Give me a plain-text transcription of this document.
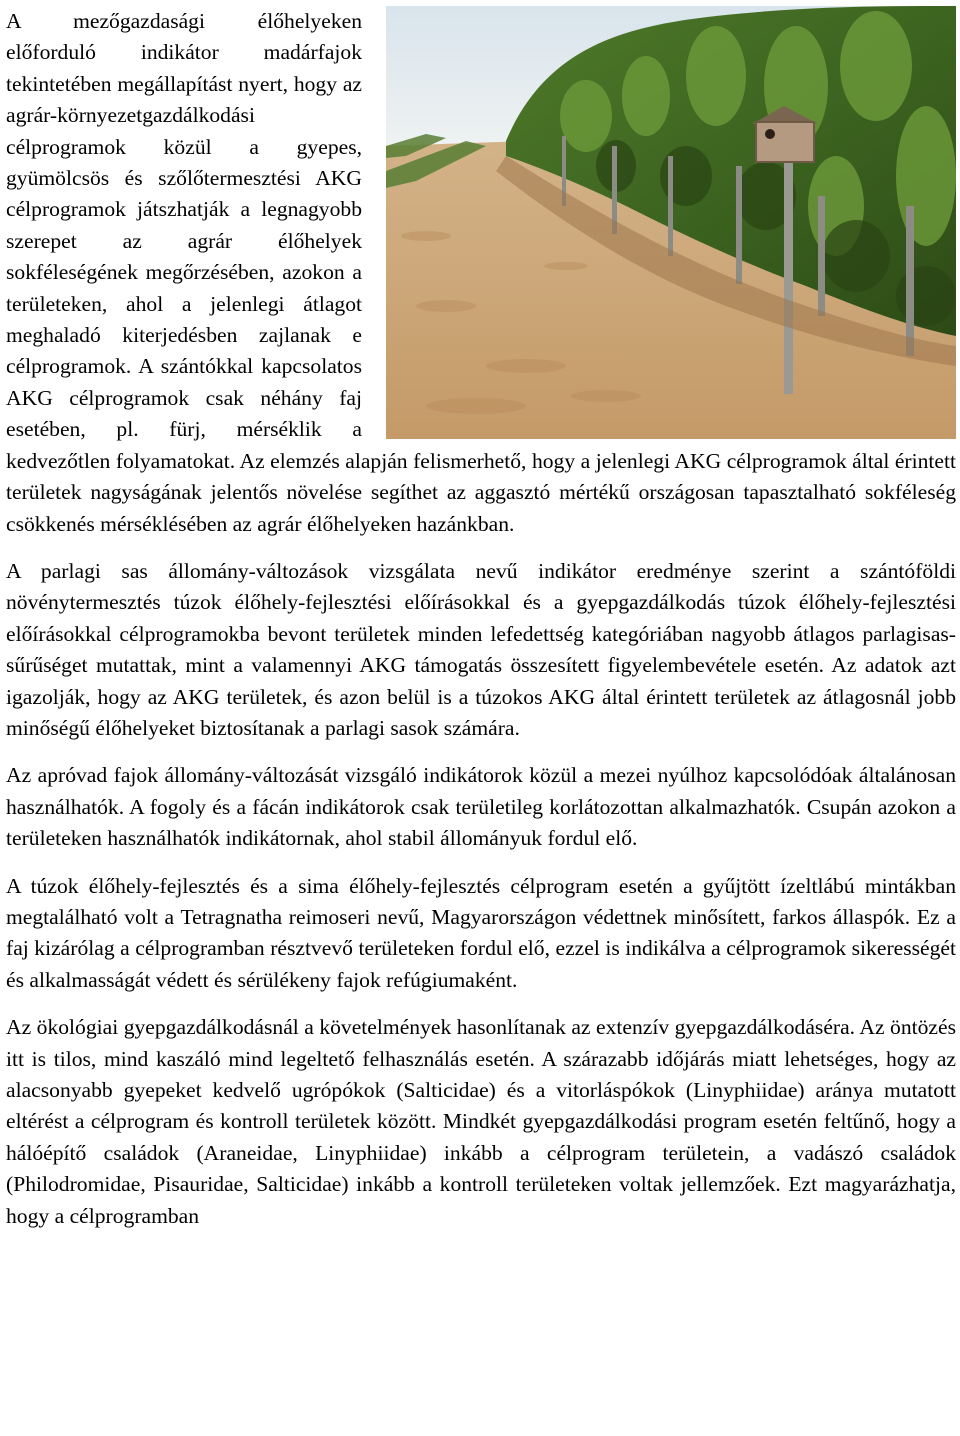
A mezőgazdasági élőhelyeken előforduló indikátor madárfajok tekintetében megállapítást nyert, hogy az agrár-környezetgazdálkodási célprogramok közül a gyepes, gyümölcsös és szőlőtermesztési AKG célprogramok játszhatják a legnagyobb szerepet az agrár élőhelyek sokféleségének megőrzésében, azokon a területeken, ahol a jelenlegi átlagot meghaladó kiterjedésben zajlanak e célprogramok. A szántókkal kapcsolatos AKG célprogramok csak néhány faj esetében, pl. fürj, mérséklik a kedvezőtlen folyamatokat. Az elemzés alapján felismerhető, hogy a jelenlegi AKG célprogramok által érintett területek nagyságának jelentős növelése segíthet az aggasztó mértékű országosan tapasztalható sokféleség csökkenés mérséklésében az agrár élőhelyeken hazánkban.

A parlagi sas állomány-változások vizsgálata nevű indikátor eredménye szerint a szántóföldi növénytermesztés túzok élőhely-fejlesztési előírásokkal és a gyepgazdálkodás túzok élőhely-fejlesztési előírásokkal célprogramokba bevont területek minden lefedettség kategóriában nagyobb átlagos parlagisas-sűrűséget mutattak, mint a valamennyi AKG támogatás összesített figyelembevétele esetén. Az adatok azt igazolják, hogy az AKG területek, és azon belül is a túzokos AKG által érintett területek az átlagosnál jobb minőségű élőhelyeket biztosítanak a parlagi sasok számára.

Az apróvad fajok állomány-változását vizsgáló indikátorok közül a mezei nyúlhoz kapcsolódóak általánosan használhatók. A fogoly és a fácán indikátorok csak területileg korlátozottan alkalmazhatók. Csupán azokon a területeken használhatók indikátornak, ahol stabil állományuk fordul elő.

A túzok élőhely-fejlesztés és a sima élőhely-fejlesztés célprogram esetén a gyűjtött ízeltlábú mintákban megtalálható volt a Tetragnatha reimoseri nevű, Magyarországon védettnek minősített, farkos állaspók. Ez a faj kizárólag a célprogramban résztvevő területeken fordul elő, ezzel is indikálva a célprogramok sikerességét és alkalmasságát védett és sérülékeny fajok refúgiumaként.

Az ökológiai gyepgazdálkodásnál a követelmények hasonlítanak az extenzív gyepgazdálkodáséra. Az öntözés itt is tilos, mind kaszáló mind legeltető felhasználás esetén. A szárazabb időjárás miatt lehetséges, hogy az alacsonyabb gyepeket kedvelő ugrópókok (Salticidae) és a vitorláspókok (Linyphiidae) aránya mutatott eltérést a célprogram és kontroll területek között. Mindkét gyepgazdálkodási program esetén feltűnő, hogy a hálóépítő családok (Araneidae, Linyphiidae) inkább a célprogram területein, a vadászó családok (Philodromidae, Pisauridae, Salticidae) inkább a kontroll területeken voltak jellemzőek. Ezt magyarázhatja, hogy a célprogramban
